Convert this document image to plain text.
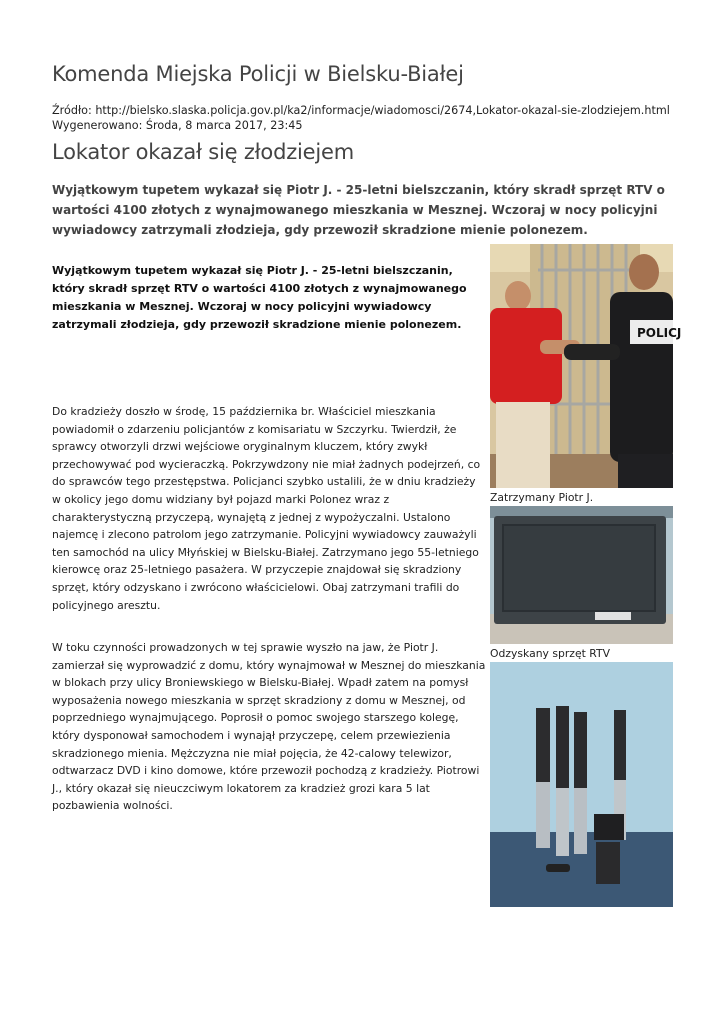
Komenda Miejska Policji w Bielsku-Białej
Źródło: http://bielsko.slaska.policja.gov.pl/ka2/informacje/wiadomosci/2674,Lokator-okazal-sie-zlodziejem.html
Wygenerowano: Środa, 8 marca 2017, 23:45
Lokator okazał się złodziejem

Wyjątkowym tupetem wykazał się Piotr J. - 25-letni bielszczanin, który skradł sprzęt RTV o wartości 4100 złotych z wynajmowanego mieszkania w Mesznej. Wczoraj w nocy policyjni wywiadowcy zatrzymali złodzieja, gdy przewoził skradzione mienie polonezem.

Wyjątkowym tupetem wykazał się Piotr J. - 25-letni bielszczanin, który skradł sprzęt RTV o wartości 4100 złotych z wynajmowanego mieszkania w Mesznej. Wczoraj w nocy policyjni wywiadowcy zatrzymali złodzieja, gdy przewoził skradzione mienie polonezem.

Do kradzieży doszło w środę, 15 października br. Właściciel mieszkania powiadomił o zdarzeniu policjantów z komisariatu w Szczyrku. Twierdził, że sprawcy otworzyli drzwi wejściowe oryginalnym kluczem, który zwykł przechowywać pod wycieraczką. Pokrzywdzony nie miał żadnych podejrzeń, co do sprawców tego przestępstwa. Policjanci szybko ustalili, że w dniu kradzieży w okolicy jego domu widziany był pojazd marki Polonez wraz z charakterystyczną przyczepą, wynajętą z jednej z wypożyczalni. Ustalono najemcę i zlecono patrolom jego zatrzymanie. Policyjni wywiadowcy zauważyli ten samochód na ulicy Młyńskiej w Bielsku-Białej. Zatrzymano jego 55-letniego kierowcę oraz 25-letniego pasażera. W przyczepie znajdował się skradziony sprzęt, który odzyskano i zwrócono właścicielowi. Obaj zatrzymani trafili do policyjnego aresztu.

W toku czynności prowadzonych w tej sprawie wyszło na jaw, że Piotr J. zamierzał się wyprowadzić z domu, który wynajmował w Mesznej do mieszkania w blokach przy ulicy Broniewskiego w Bielsku-Białej. Wpadł zatem na pomysł wyposażenia nowego mieszkania w sprzęt skradziony z domu w Mesznej, od poprzedniego wynajmującego. Poprosił o pomoc swojego starszego kolegę, który dysponował samochodem i wynajął przyczepę, celem przewiezienia skradzionego mienia. Mężczyzna nie miał pojęcia, że 42-calowy telewizor, odtwarzacz DVD i kino domowe, które przewoził pochodzą z kradzieży. Piotrowi J., który okazał się nieuczciwym lokatorem za kradzież grozi kara 5 lat pozbawienia wolności.

POLICJ
Zatrzymany Piotr J.
Odzyskany sprzęt RTV
